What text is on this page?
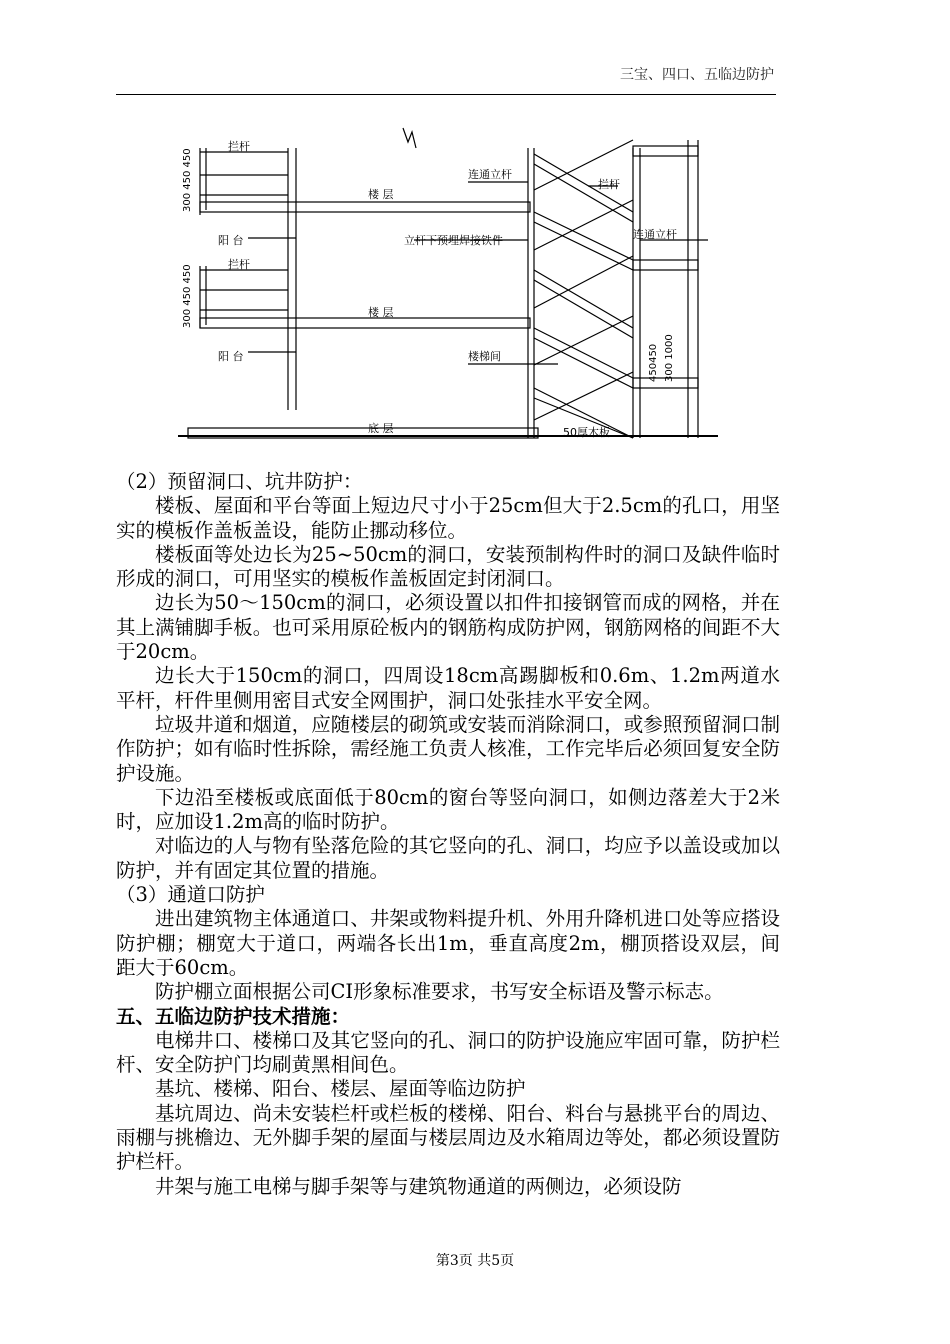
三宝、四口、五临边防护
拦杆
拦杆
楼 层
楼 层
底 层
阳 台
阳 台
连通立杆
连通立杆
拦杆
立杆下预埋焊接铁件
楼梯间
50厚木板
300 450 450
300 450 450
450450 300 1000

（2）预留洞口、坑井防护：

楼板、屋面和平台等面上短边尺寸小于25cm但大于2.5cm的孔口，用坚实的模板作盖板盖设，能防止挪动移位。

楼板面等处边长为25~50cm的洞口，安装预制构件时的洞口及缺件临时形成的洞口，可用坚实的模板作盖板固定封闭洞口。

边长为50～150cm的洞口，必须设置以扣件扣接钢管而成的网格，并在其上满铺脚手板。也可采用原砼板内的钢筋构成防护网，钢筋网格的间距不大于20cm。

边长大于150cm的洞口，四周设18cm高踢脚板和0.6m、1.2m两道水平杆，杆件里侧用密目式安全网围护，洞口处张挂水平安全网。

垃圾井道和烟道，应随楼层的砌筑或安装而消除洞口，或参照预留洞口制作防护；如有临时性拆除，需经施工负责人核准，工作完毕后必须回复安全防护设施。

下边沿至楼板或底面低于80cm的窗台等竖向洞口，如侧边落差大于2米时，应加设1.2m高的临时防护。

对临边的人与物有坠落危险的其它竖向的孔、洞口，均应予以盖设或加以防护，并有固定其位置的措施。

（3）通道口防护

进出建筑物主体通道口、井架或物料提升机、外用升降机进口处等应搭设防护棚；棚宽大于道口，两端各长出1m，垂直高度2m，棚顶搭设双层，间距大于60cm。

防护棚立面根据公司CI形象标准要求，书写安全标语及警示标志。

五、五临边防护技术措施：

电梯井口、楼梯口及其它竖向的孔、洞口的防护设施应牢固可靠，防护栏杆、安全防护门均刷黄黑相间色。

基坑、楼梯、阳台、楼层、屋面等临边防护

基坑周边、尚未安装栏杆或栏板的楼梯、阳台、料台与悬挑平台的周边、雨棚与挑檐边、无外脚手架的屋面与楼层周边及水箱周边等处，都必须设置防护栏杆。

井架与施工电梯与脚手架等与建筑物通道的两侧边，必须设防

第3页 共5页
